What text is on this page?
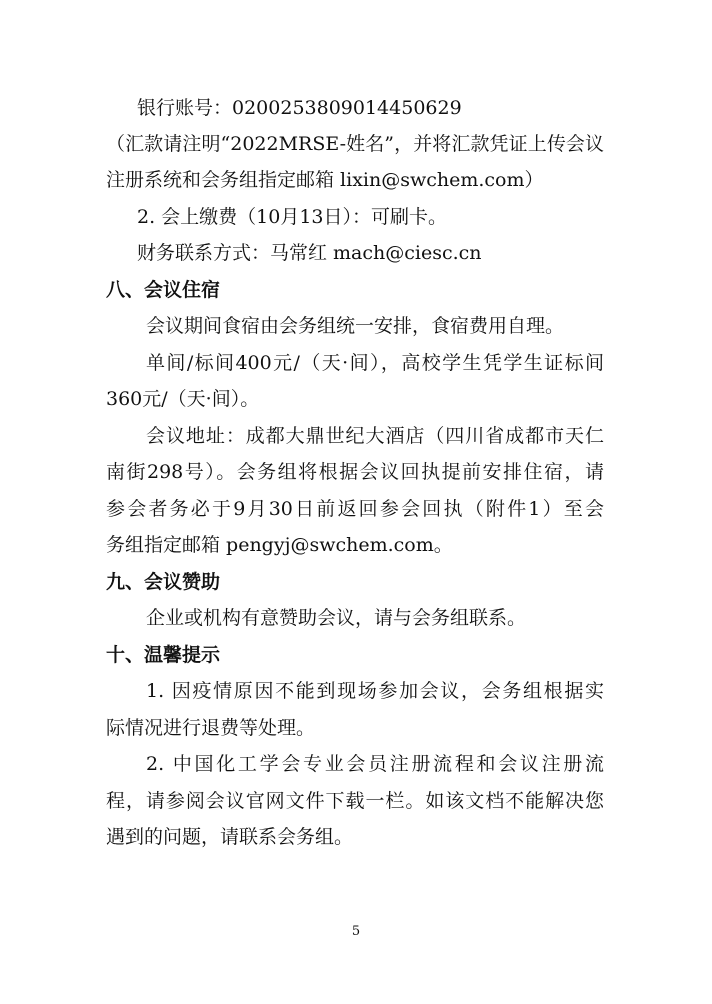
银行账号：0200253809014450629
（汇款请注明“2022MRSE-姓名”，并将汇款凭证上传会议
注册系统和会务组指定邮箱 lixin@swchem.com）
2. 会上缴费（10月13日）：可刷卡。
财务联系方式：马常红 mach@ciesc.cn
八、会议住宿
会议期间食宿由会务组统一安排，食宿费用自理。
单间/标间400元/（天·间），高校学生凭学生证标间
360元/（天·间）。
会议地址：成都大鼎世纪大酒店（四川省成都市天仁
南街298号）。会务组将根据会议回执提前安排住宿，请
参会者务必于9月30日前返回参会回执（附件1）至会
务组指定邮箱 pengyj@swchem.com。
九、会议赞助
企业或机构有意赞助会议，请与会务组联系。
十、温馨提示
1. 因疫情原因不能到现场参加会议，会务组根据实
际情况进行退费等处理。
2. 中国化工学会专业会员注册流程和会议注册流
程，请参阅会议官网文件下载一栏。如该文档不能解决您
遇到的问题，请联系会务组。
5
